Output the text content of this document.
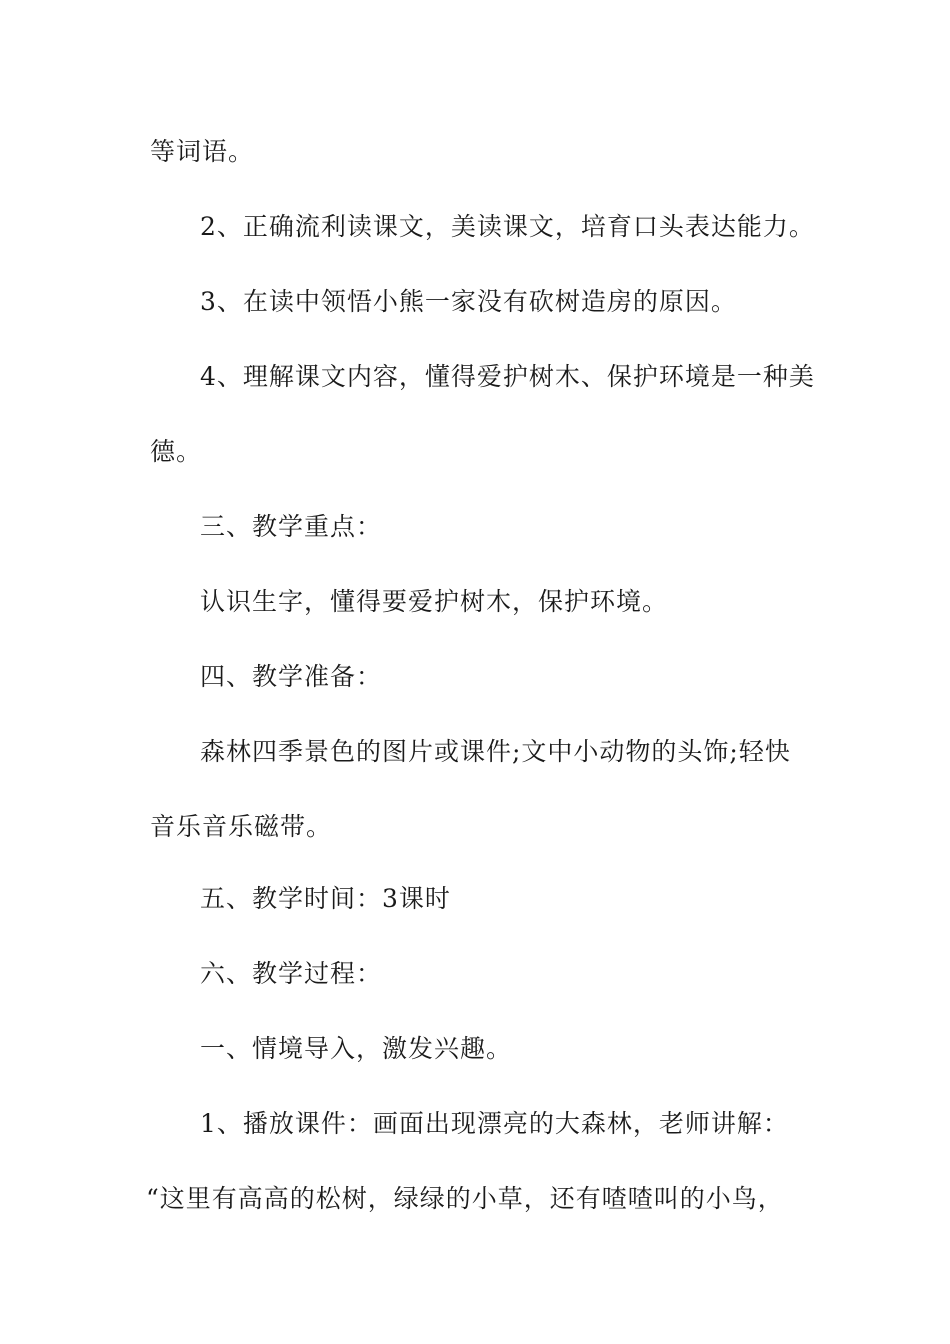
等词语。

2、正确流利读课文，美读课文，培育口头表达能力。

3、在读中领悟小熊一家没有砍树造房的原因。

4、理解课文内容，懂得爱护树木、保护环境是一种美

德。

三、教学重点：

认识生字，懂得要爱护树木，保护环境。

四、教学准备：

森林四季景色的图片或课件;文中小动物的头饰;轻快

音乐音乐磁带。

五、教学时间：3课时

六、教学过程：

一、情境导入，激发兴趣。

1、播放课件：画面出现漂亮的大森林，老师讲解：

“这里有高高的松树，绿绿的小草，还有喳喳叫的小鸟，
